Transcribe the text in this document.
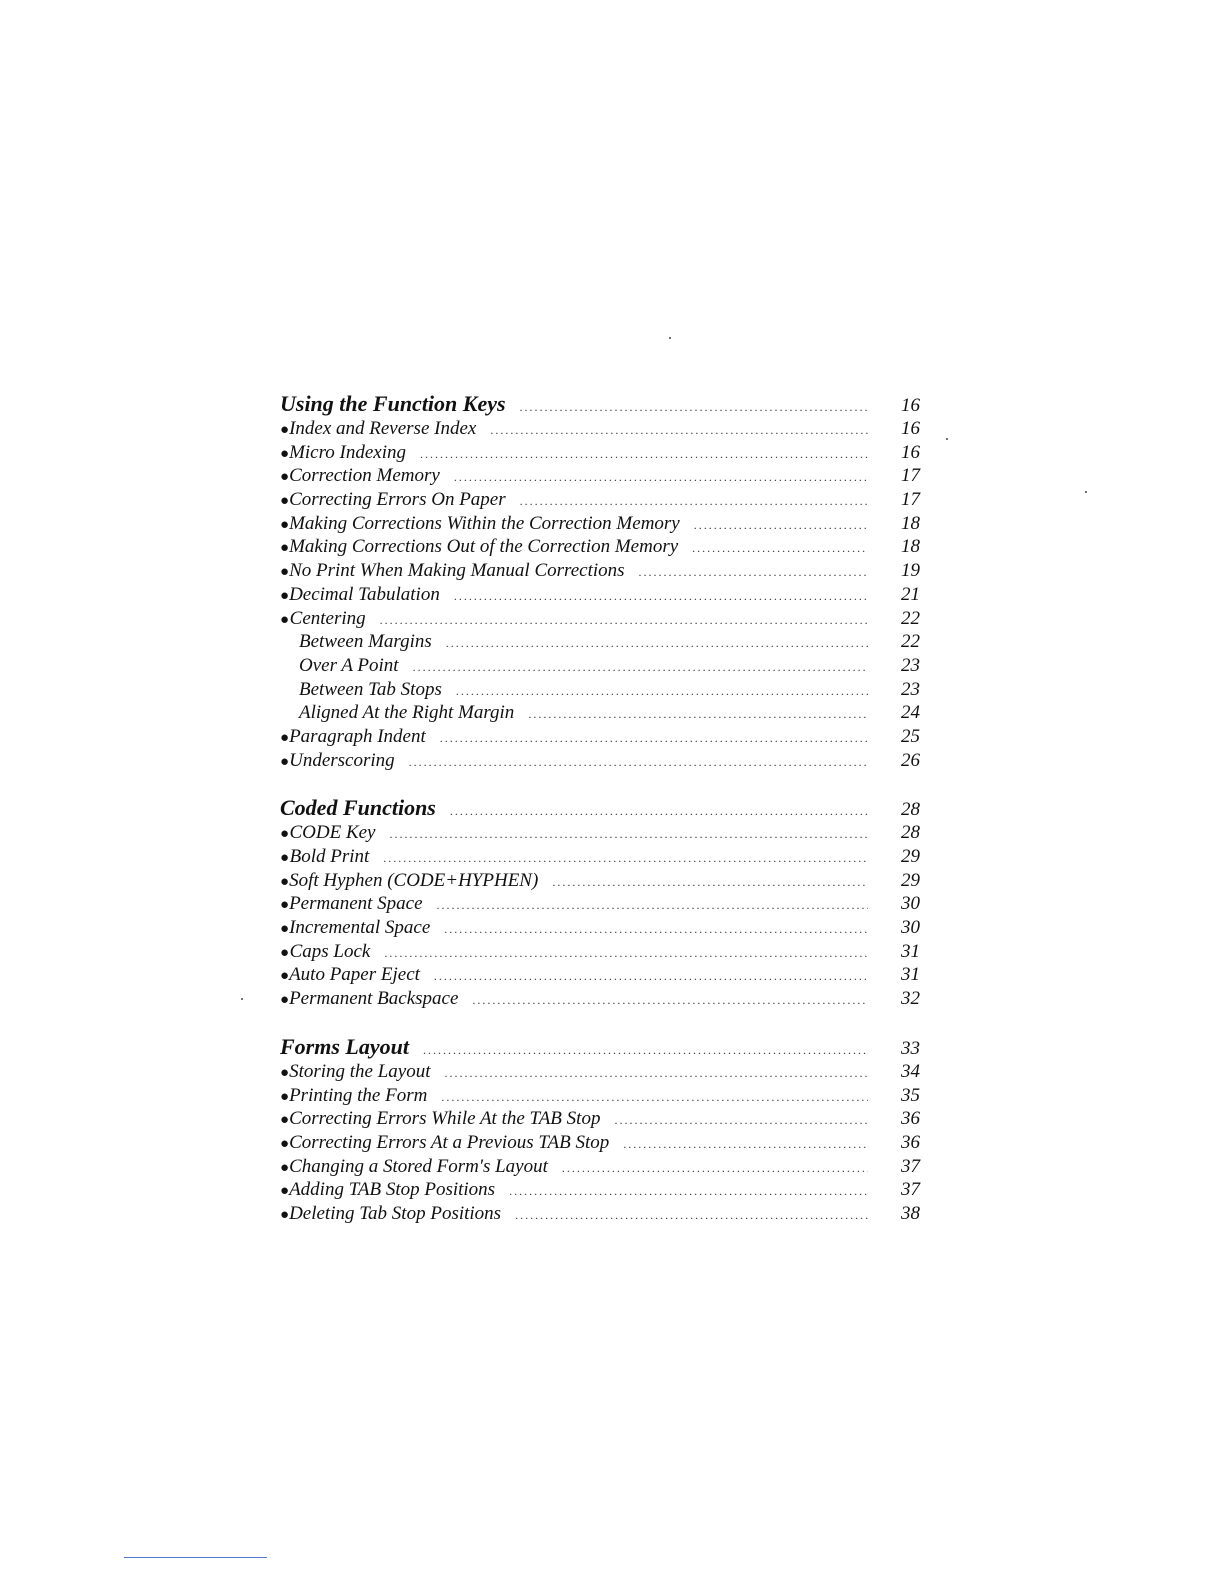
Using the Function Keys .....	16
● Index and Reverse Index .....	16
● Micro Indexing .....	16
● Correction Memory .....	17
● Correcting Errors On Paper .....	17
● Making Corrections Within the Correction Memory .....	18
● Making Corrections Out of the Correction Memory .....	18
● No Print When Making Manual Corrections .....	19
● Decimal Tabulation .....	21
● Centering .....	22
Between Margins .....	22
Over A Point .....	23
Between Tab Stops .....	23
Aligned At the Right Margin .....	24
● Paragraph Indent .....	25
● Underscoring .....	26
Coded Functions .....	28
● CODE Key .....	28
● Bold Print .....	29
● Soft Hyphen (CODE+HYPHEN) .....	29
● Permanent Space .....	30
● Incremental Space .....	30
● Caps Lock .....	31
● Auto Paper Eject .....	31
● Permanent Backspace .....	32
Forms Layout .....	33
● Storing the Layout .....	34
● Printing the Form .....	35
● Correcting Errors While At the TAB Stop .....	36
● Correcting Errors At a Previous TAB Stop .....	36
● Changing a Stored Form's Layout .....	37
● Adding TAB Stop Positions .....	37
● Deleting Tab Stop Positions .....	38
